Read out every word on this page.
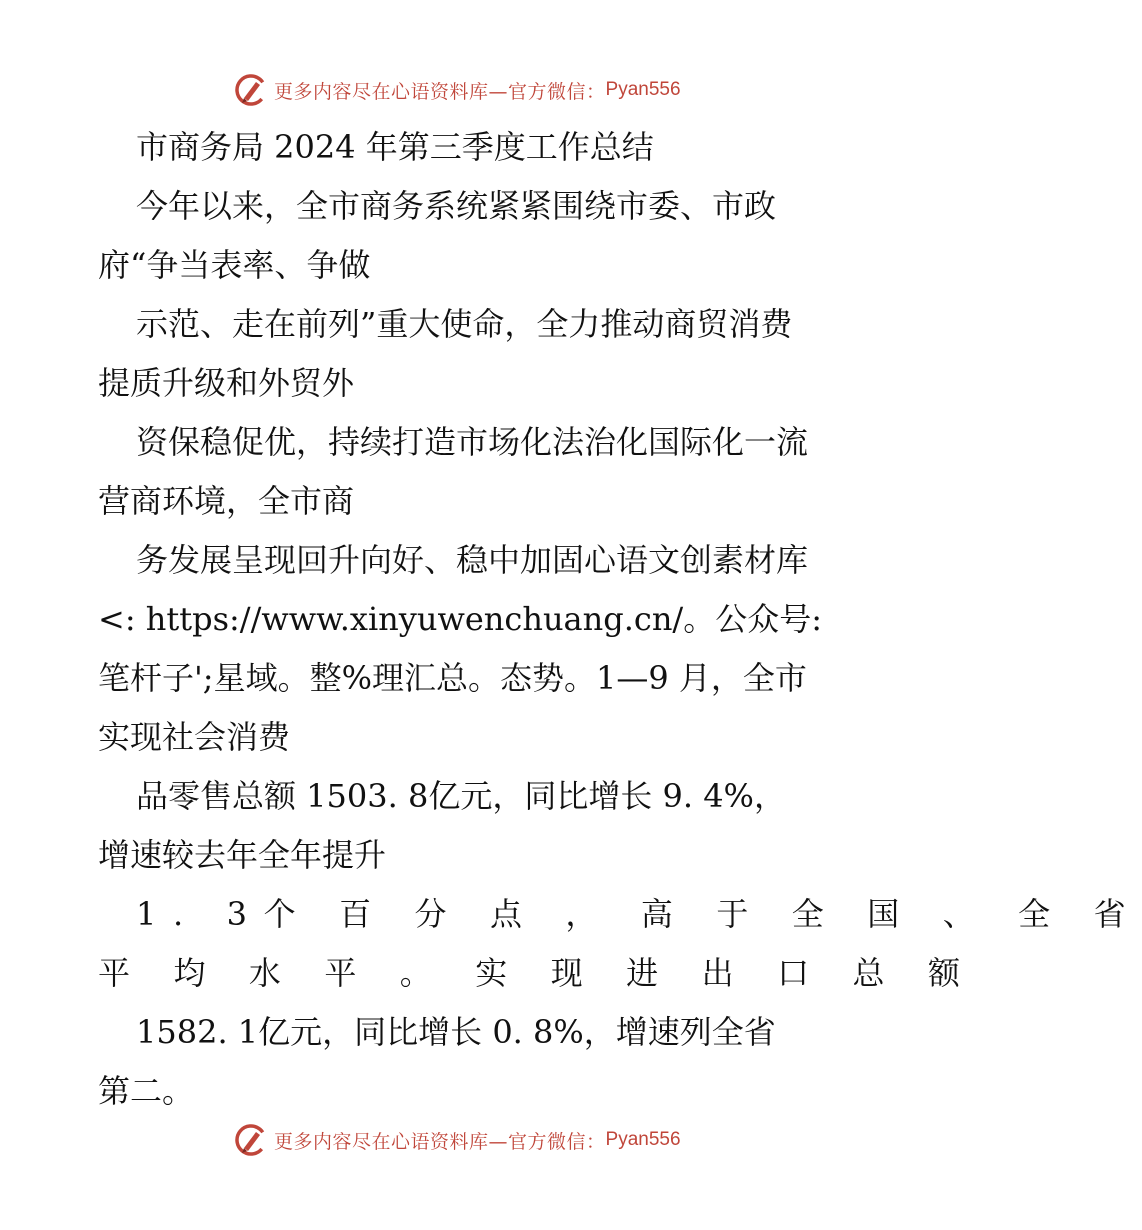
更多内容尽在心语资料库—官方微信： Pyan556
市商务局 2024 年第三季度工作总结
今年以来，全市商务系统紧紧围绕市委、市政
府“争当表率、争做
示范、走在前列”重大使命，全力推动商贸消费
提质升级和外贸外
资保稳促优，持续打造市场化法治化国际化一流
营商环境，全市商
务发展呈现回升向好、稳中加固心语文创素材库
<: https://www.xinyuwenchuang.cn/。公众号:
笔杆子';星域。整%理汇总。态势。1—9 月，全市
实现社会消费
品零售总额 1503. 8亿元，同比增长 9. 4%，
增速较去年全年提升
1. 3个 百 分 点 ， 高 于 全 国 、 全 省
平 均 水 平 。 实 现 进 出 口 总 额
1582. 1亿元，同比增长 0. 8%，增速列全省
第二。
更多内容尽在心语资料库—官方微信： Pyan556
